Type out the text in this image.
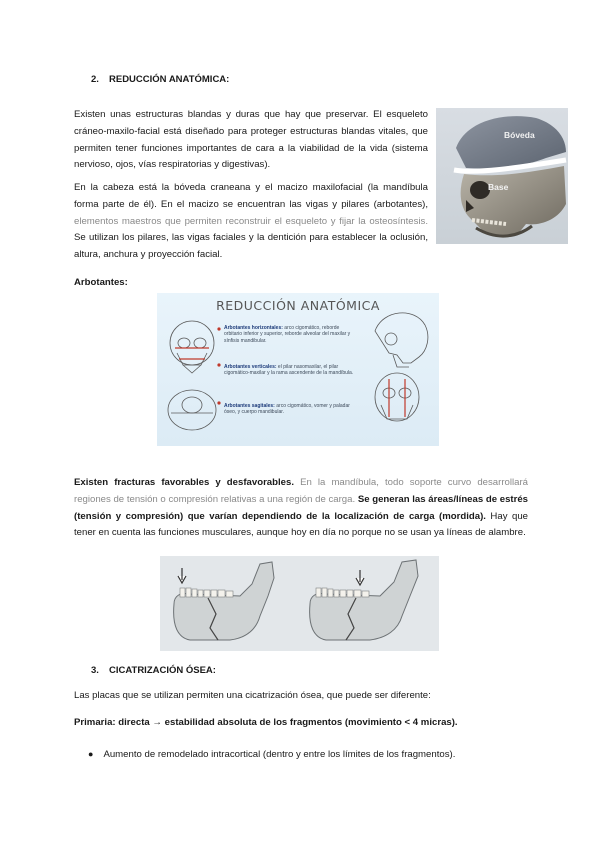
2. REDUCCIÓN ANATÓMICA:
Existen unas estructuras blandas y duras que hay que preservar. El esqueleto cráneo-maxilo-facial está diseñado para proteger estructuras blandas vitales, que permiten tener funciones importantes de cara a la viabilidad de la vida (sistema nervioso, ojos, vías respiratorias y digestivas).
En la cabeza está la bóveda craneana y el macizo maxilofacial (la mandíbula forma parte de él). En el macizo se encuentran las vigas y pilares (arbotantes), elementos maestros que permiten reconstruir el esqueleto y fijar la osteosíntesis. Se utilizan los pilares, las vigas faciales y la dentición para establecer la oclusión, altura, anchura y proyección facial.
Bóveda
Base
Arbotantes:
REDUCCIÓN ANATÓMICA
Arbotantes horizontales: arco cigomático, reborde orbitario inferior y superior, reborde alveolar del maxilar y sínfisis mandibular.
Arbotantes verticales: el pilar nasomaxilar, el pilar cigomático-maxilar y la rama ascendente de la mandíbula.
Arbotantes sagitales: arco cigomático, vomer y paladar óseo, y cuerpo mandibular.
Existen fracturas favorables y desfavorables. En la mandíbula, todo soporte curvo desarrollará regiones de tensión o compresión relativas a una región de carga. Se generan las áreas/líneas de estrés (tensión y compresión) que varían dependiendo de la localización de carga (mordida). Hay que tener en cuenta las funciones musculares, aunque hoy en día no porque no se usan ya líneas de alambre.
3. CICATRIZACIÓN ÓSEA:
Las placas que se utilizan permiten una cicatrización ósea, que puede ser diferente:
Primaria: directa → estabilidad absoluta de los fragmentos (movimiento < 4 micras).
● Aumento de remodelado intracortical (dentro y entre los límites de los fragmentos).
